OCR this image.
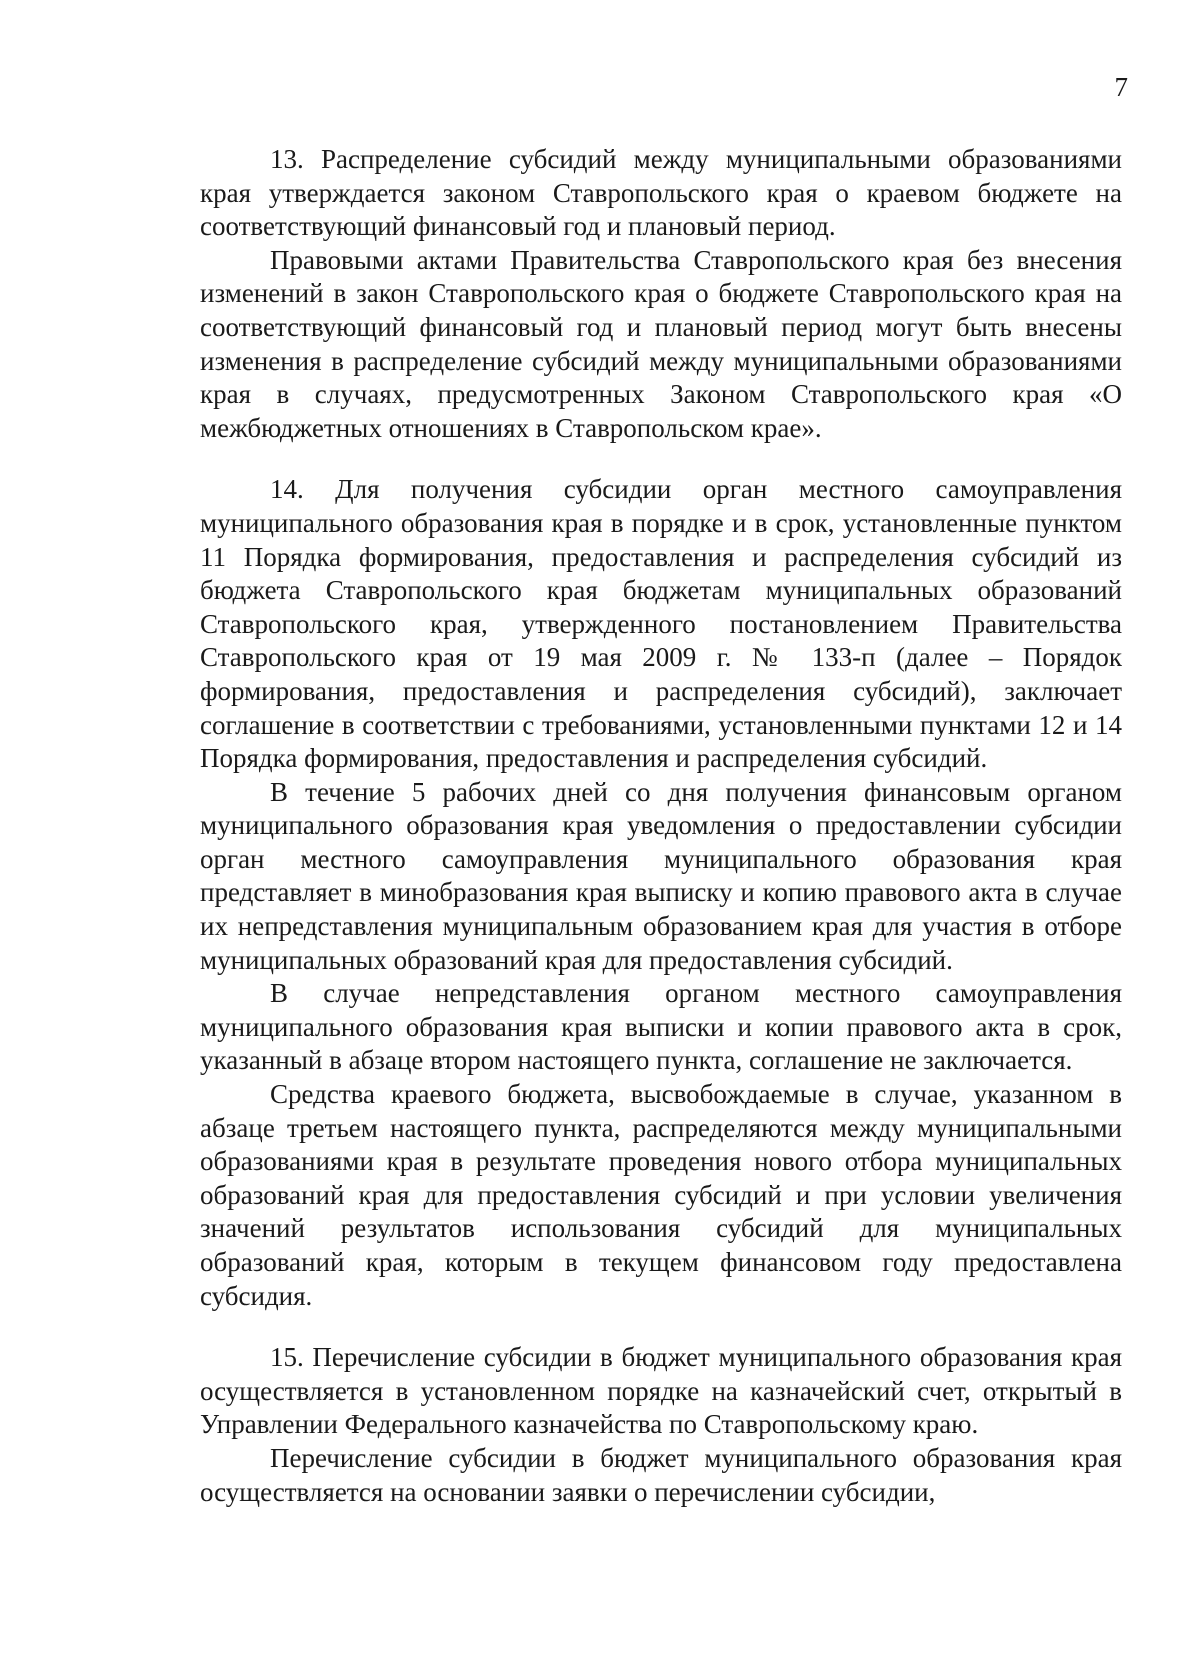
7

13. Распределение субсидий между муниципальными образованиями края утверждается законом Ставропольского края о краевом бюджете на соответствующий финансовый год и плановый период.

Правовыми актами Правительства Ставропольского края без внесения изменений в закон Ставропольского края о бюджете Ставропольского края на соответствующий финансовый год и плановый период могут быть внесены изменения в распределение субсидий между муниципальными образованиями края в случаях, предусмотренных Законом Ставропольского края «О межбюджетных отношениях в Ставропольском крае».

14. Для получения субсидии орган местного самоуправления муниципального образования края в порядке и в срок, установленные пунктом 11 Порядка формирования, предоставления и распределения субсидий из бюджета Ставропольского края бюджетам муниципальных образований Ставропольского края, утвержденного постановлением Правительства Ставропольского края от 19 мая 2009 г. № 133-п (далее – Порядок формирования, предоставления и распределения субсидий), заключает соглашение в соответствии с требованиями, установленными пунктами 12 и 14 Порядка формирования, предоставления и распределения субсидий.

В течение 5 рабочих дней со дня получения финансовым органом муниципального образования края уведомления о предоставлении субсидии орган местного самоуправления муниципального образования края представляет в минобразования края выписку и копию правового акта в случае их непредставления муниципальным образованием края для участия в отборе муниципальных образований края для предоставления субсидий.

В случае непредставления органом местного самоуправления муниципального образования края выписки и копии правового акта в срок, указанный в абзаце втором настоящего пункта, соглашение не заключается.

Средства краевого бюджета, высвобождаемые в случае, указанном в абзаце третьем настоящего пункта, распределяются между муниципальными образованиями края в результате проведения нового отбора муниципальных образований края для предоставления субсидий и при условии увеличения значений результатов использования субсидий для муниципальных образований края, которым в текущем финансовом году предоставлена субсидия.

15. Перечисление субсидии в бюджет муниципального образования края осуществляется в установленном порядке на казначейский счет, открытый в Управлении Федерального казначейства по Ставропольскому краю.

Перечисление субсидии в бюджет муниципального образования края осуществляется на основании заявки о перечислении субсидии,
